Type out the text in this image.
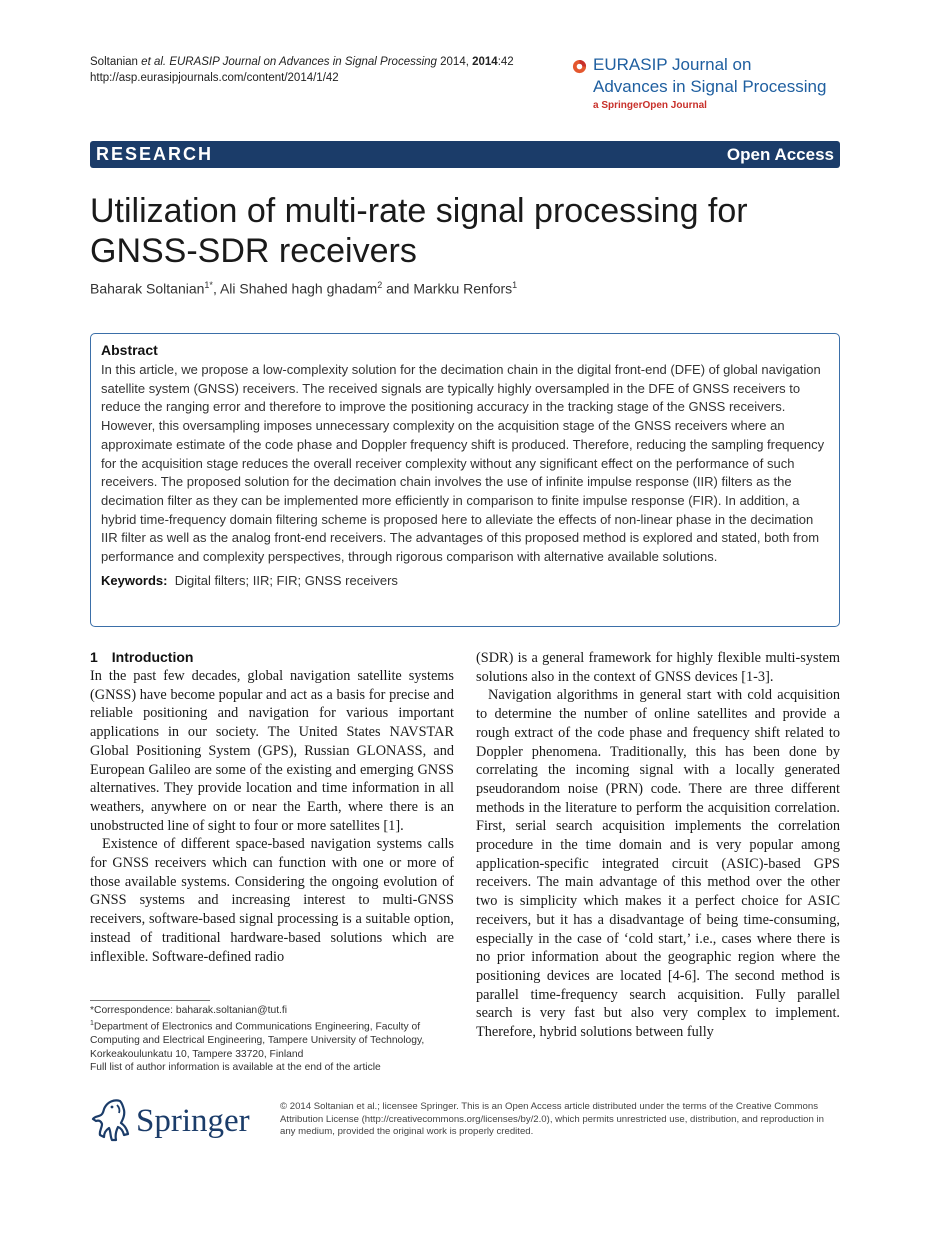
Soltanian et al. EURASIP Journal on Advances in Signal Processing 2014, 2014:42
http://asp.eurasipjournals.com/content/2014/1/42
EURASIP Journal on
Advances in Signal Processing
a SpringerOpen Journal
RESEARCH	Open Access
Utilization of multi-rate signal processing for
GNSS-SDR receivers
Baharak Soltanian$^{1*}$, Ali Shahed hagh ghadam$^2$ and Markku Renfors$^1$
Abstract
In this article, we propose a low-complexity solution for the decimation chain in the digital front-end (DFE) of global navigation satellite system (GNSS) receivers. The received signals are typically highly oversampled in the DFE of GNSS receivers to reduce the ranging error and therefore to improve the positioning accuracy in the tracking stage of the GNSS receivers. However, this oversampling imposes unnecessary complexity on the acquisition stage of the GNSS receivers where an approximate estimate of the code phase and Doppler frequency shift is produced. Therefore, reducing the sampling frequency for the acquisition stage reduces the overall receiver complexity without any significant effect on the performance of such receivers. The proposed solution for the decimation chain involves the use of infinite impulse response (IIR) filters as the decimation filter as they can be implemented more efficiently in comparison to finite impulse response (FIR). In addition, a hybrid time-frequency domain filtering scheme is proposed here to alleviate the effects of non-linear phase in the decimation IIR filter as well as the analog front-end receivers. The advantages of this proposed method is explored and stated, both from performance and complexity perspectives, through rigorous comparison with alternative available solutions.
Keywords: Digital filters; IIR; FIR; GNSS receivers
1 Introduction

In the past few decades, global navigation satellite systems (GNSS) have become popular and act as a basis for precise and reliable positioning and navigation for various important applications in our society. The United States NAVSTAR Global Positioning System (GPS), Russian GLONASS, and European Galileo are some of the existing and emerging GNSS alternatives. They provide location and time information in all weathers, anywhere on or near the Earth, where there is an unobstructed line of sight to four or more satellites [1].

Existence of different space-based navigation systems calls for GNSS receivers which can function with one or more of those available systems. Considering the ongoing evolution of GNSS systems and increasing interest to multi-GNSS receivers, software-based signal processing is a suitable option, instead of traditional hardware-based solutions which are inflexible. Software-defined radio

(SDR) is a general framework for highly flexible multi-system solutions also in the context of GNSS devices [1-3].

Navigation algorithms in general start with cold acquisition to determine the number of online satellites and provide a rough extract of the code phase and frequency shift related to Doppler phenomena. Traditionally, this has been done by correlating the incoming signal with a locally generated pseudorandom noise (PRN) code. There are three different methods in the literature to perform the acquisition correlation. First, serial search acquisition implements the correlation procedure in the time domain and is very popular among application-specific integrated circuit (ASIC)-based GPS receivers. The main advantage of this method over the other two is simplicity which makes it a perfect choice for ASIC receivers, but it has a disadvantage of being time-consuming, especially in the case of ‘cold start,’ i.e., cases where there is no prior information about the geographic region where the positioning devices are located [4-6]. The second method is parallel time-frequency search acquisition. Fully parallel search is very fast but also very complex to implement. Therefore, hybrid solutions between fully

*Correspondence: baharak.soltanian@tut.fi
$^1$Department of Electronics and Communications Engineering, Faculty of Computing and Electrical Engineering, Tampere University of Technology, Korkeakoulunkatu 10, Tampere 33720, Finland
Full list of author information is available at the end of the article
Springer	© 2014 Soltanian et al.; licensee Springer. This is an Open Access article distributed under the terms of the Creative Commons Attribution License (http://creativecommons.org/licenses/by/2.0), which permits unrestricted use, distribution, and reproduction in any medium, provided the original work is properly credited.
